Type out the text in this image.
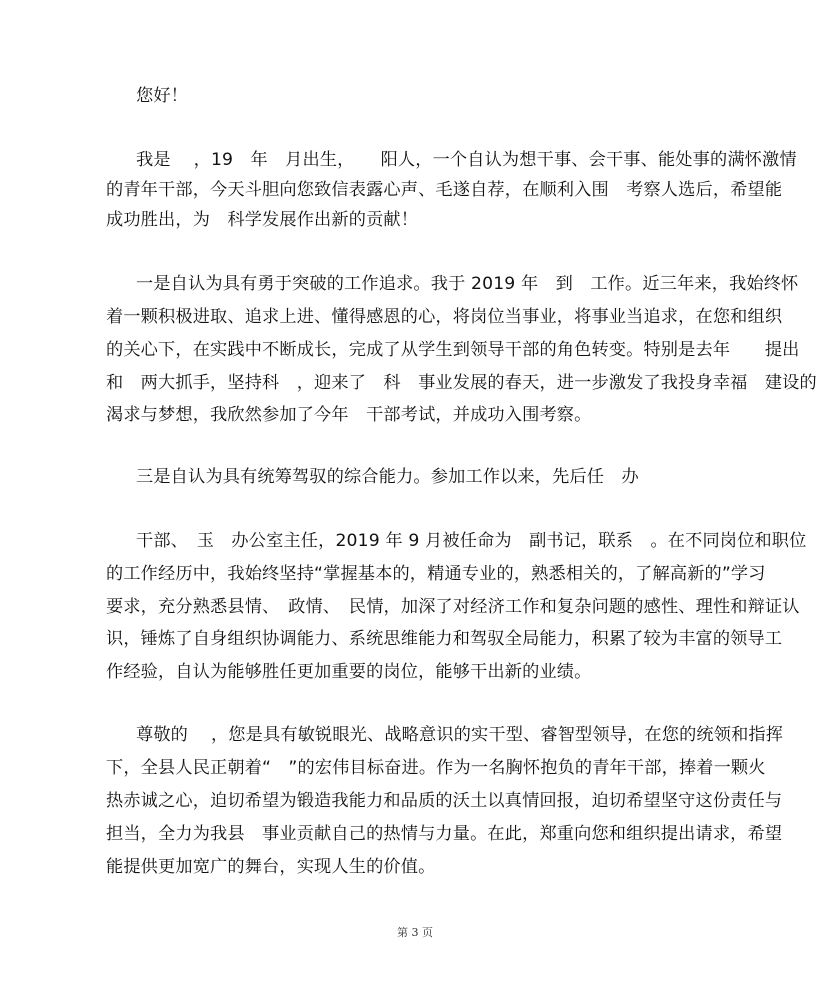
您好！
我是　 ，19　年　月出生，　　阳人，一个自认为想干事、会干事、能处事的满怀激情
的青年干部，今天斗胆向您致信表露心声、毛遂自荐，在顺利入围　考察人选后，希望能
成功胜出，为　科学发展作出新的贡献！
一是自认为具有勇于突破的工作追求。我于 2019 年　到　工作。近三年来，我始终怀
着一颗积极进取、追求上进、懂得感恩的心，将岗位当事业，将事业当追求，在您和组织
的关心下，在实践中不断成长，完成了从学生到领导干部的角色转变。特别是去年　　提出
和　两大抓手，坚持科　，迎来了　科　事业发展的春天，进一步激发了我投身幸福　建设的
渴求与梦想，我欣然参加了今年　干部考试，并成功入围考察。
三是自认为具有统筹驾驭的综合能力。参加工作以来，先后任　办
干部、　玉　办公室主任，2019 年 9 月被任命为　副书记，联系　。在不同岗位和职位
的工作经历中，我始终坚持“掌握基本的，精通专业的，熟悉相关的，了解高新的”学习
要求，充分熟悉县情、　政情、　民情，加深了对经济工作和复杂问题的感性、理性和辩证认
识，锤炼了自身组织协调能力、系统思维能力和驾驭全局能力，积累了较为丰富的领导工
作经验，自认为能够胜任更加重要的岗位，能够干出新的业绩。
尊敬的　 ，您是具有敏锐眼光、战略意识的实干型、睿智型领导，在您的统领和指挥
下，全县人民正朝着“　”的宏伟目标奋进。作为一名胸怀抱负的青年干部，捧着一颗火
热赤诚之心，迫切希望为锻造我能力和品质的沃土以真情回报，迫切希望坚守这份责任与
担当，全力为我县　事业贡献自己的热情与力量。在此，郑重向您和组织提出请求，希望
能提供更加宽广的舞台，实现人生的价值。
第 3 页
